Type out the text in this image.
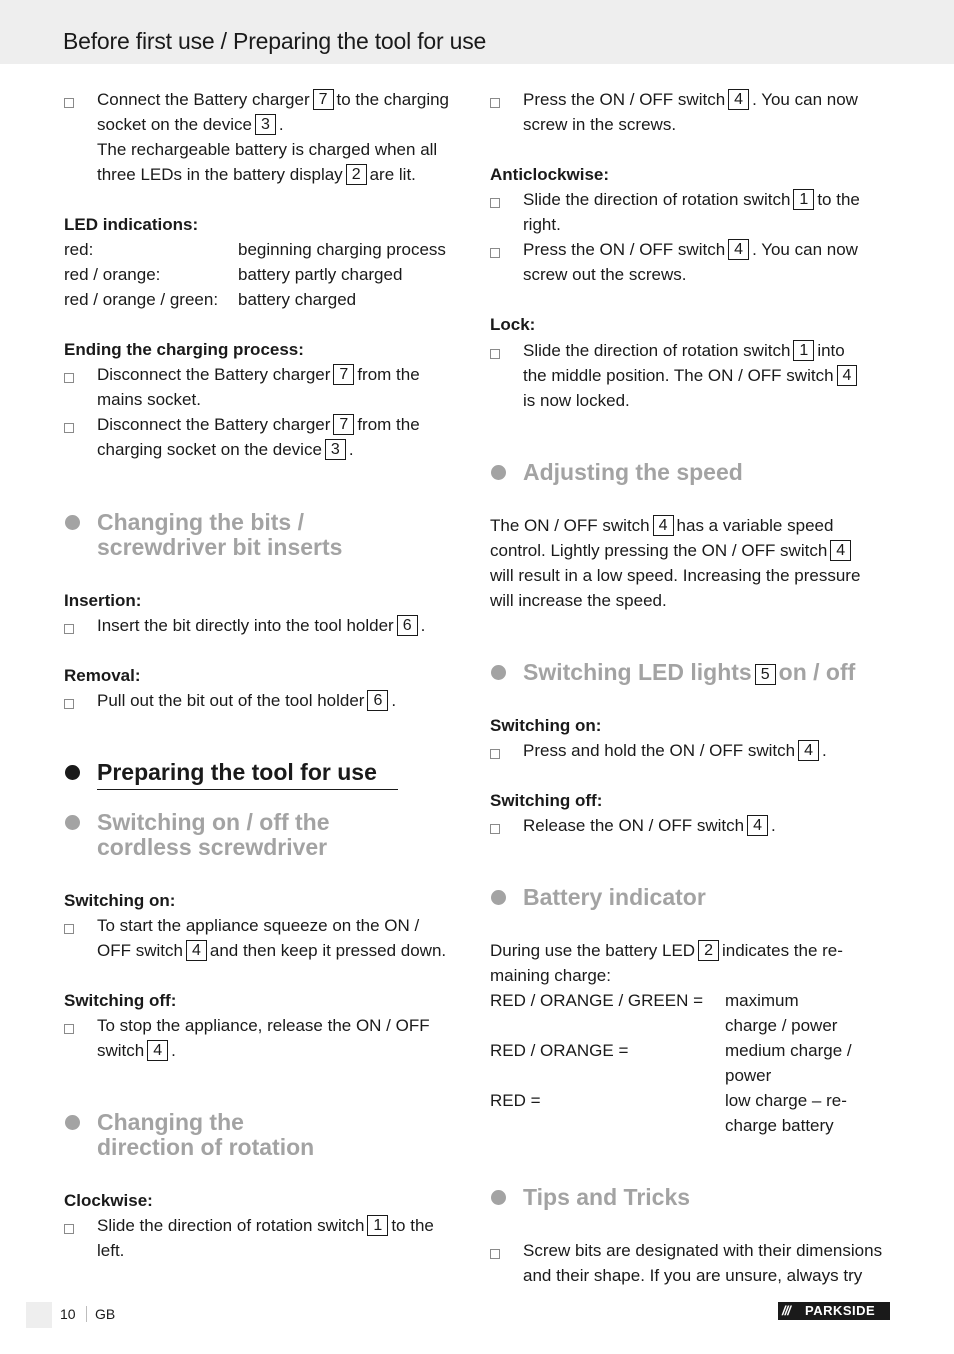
Before first use / Preparing the tool for use
Connect the Battery charger 7 to the charging
socket on the device 3 .
The rechargeable battery is charged when all
three LEDs in the battery display 2 are lit.
LED indications:
red:	beginning charging process
red / orange:	battery partly charged
red / orange / green: battery charged
Ending the charging process:
Disconnect the Battery charger 7 from the
mains socket.
Disconnect the Battery charger 7 from the
charging socket on the device 3 .
Changing the bits /
screwdriver bit inserts
Insertion:
Insert the bit directly into the tool holder 6 .
Removal:
Pull out the bit out of the tool holder 6 .
Preparing the tool for use
Switching on / off the
cordless screwdriver
Switching on:
To start the appliance squeeze on the ON /
OFF switch 4 and then keep it pressed down.
Switching off:
To stop the appliance, release the ON / OFF
switch 4 .
Changing the
direction of rotation
Clockwise:
Slide the direction of rotation switch 1 to the
left.
Press the ON / OFF switch 4 . You can now
screw in the screws.
Anticlockwise:
Slide the direction of rotation switch 1 to the
right.
Press the ON / OFF switch 4 . You can now
screw out the screws.
Lock:
Slide the direction of rotation switch 1 into
the middle position. The ON / OFF switch 4
is now locked.
Adjusting the speed
The ON / OFF switch 4 has a variable speed
control. Lightly pressing the ON / OFF switch 4
will result in a low speed. Increasing the pressure
will increase the speed.
Switching LED lights 5 on / off
Switching on:
Press and hold the ON / OFF switch 4 .
Switching off:
Release the ON / OFF switch 4 .
Battery indicator
During use the battery LED 2 indicates the re-
maining charge:
RED / ORANGE / GREEN = maximum
charge / power
RED / ORANGE =	medium charge /
power
RED =	low charge – re-
charge battery
Tips and Tricks
Screw bits are designated with their dimensions
and their shape. If you are unsure, always try
10 GB	/// PARKSIDE
